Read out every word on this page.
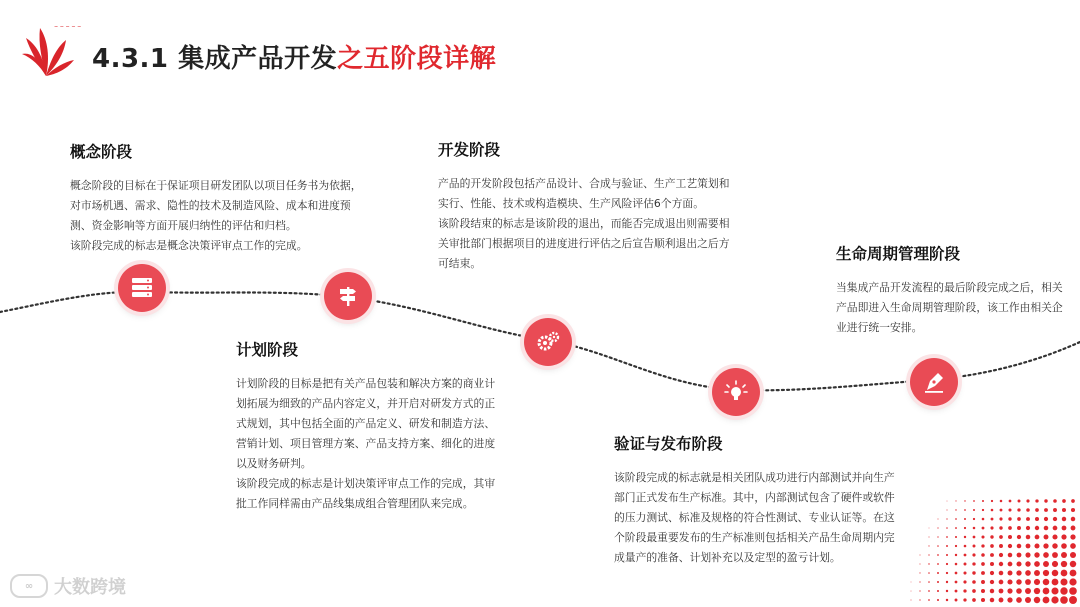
~ ~ ~ ~ ~
4.3.1 集成产品开发之五阶段详解
概念阶段

概念阶段的目标在于保证项目研发团队以项目任务书为依据，对市场机遇、需求、隐性的技术及制造风险、成本和进度预测、资金影响等方面开展归纳性的评估和归档。

该阶段完成的标志是概念决策评审点工作的完成。

计划阶段

计划阶段的目标是把有关产品包装和解决方案的商业计划拓展为细致的产品内容定义，并开启对研发方式的正式规划，其中包括全面的产品定义、研发和制造方法、营销计划、项目管理方案、产品支持方案、细化的进度以及财务研判。

该阶段完成的标志是计划决策评审点工作的完成，其审批工作同样需由产品线集成组合管理团队来完成。

开发阶段

产品的开发阶段包括产品设计、合成与验证、生产工艺策划和实行、性能、技术或构造模块、生产风险评估6个方面。

该阶段结束的标志是该阶段的退出，而能否完成退出则需要相关审批部门根据项目的进度进行评估之后宣告顺利退出之后方可结束。

验证与发布阶段

该阶段完成的标志就是相关团队成功进行内部测试并向生产部门正式发布生产标准。其中，内部测试包含了硬件或软件的压力测试、标准及规格的符合性测试、专业认证等。在这个阶段最重要发布的生产标准则包括相关产品生命周期内完成量产的准备、计划补充以及定型的盈亏计划。

生命周期管理阶段

当集成产品开发流程的最后阶段完成之后，相关产品即进入生命周期管理阶段，该工作由相关企业进行统一安排。

∞	大数跨境
